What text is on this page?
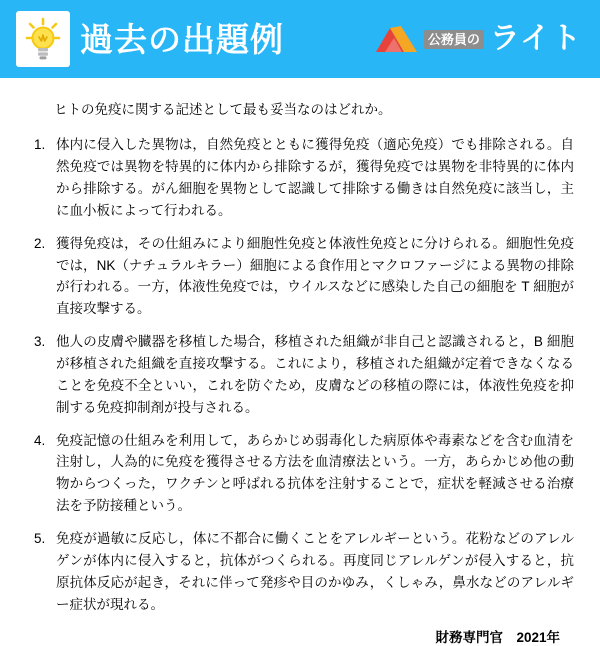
過去の出題例	公務員の ライト

ヒトの免疫に関する記述として最も妥当なのはどれか。

1. 体内に侵入した異物は，自然免疫とともに獲得免疫（適応免疫）でも排除される。自然免疫では異物を特異的に体内から排除するが，獲得免疫では異物を非特異的に体内から排除する。がん細胞を異物として認識して排除する働きは自然免疫に該当し，主に血小板によって行われる。
2. 獲得免疫は，その仕組みにより細胞性免疫と体液性免疫とに分けられる。細胞性免疫では，NK（ナチュラルキラー）細胞による食作用とマクロファージによる異物の排除が行われる。一方，体液性免疫では，ウイルスなどに感染した自己の細胞を T 細胞が直接攻撃する。
3. 他人の皮膚や臓器を移植した場合，移植された組織が非自己と認識されると，B 細胞が移植された組織を直接攻撃する。これにより，移植された組織が定着できなくなることを免疫不全といい，これを防ぐため，皮膚などの移植の際には，体液性免疫を抑制する免疫抑制剤が投与される。
4. 免疫記憶の仕組みを利用して，あらかじめ弱毒化した病原体や毒素などを含む血清を注射し，人為的に免疫を獲得させる方法を血清療法という。一方，あらかじめ他の動物からつくった，ワクチンと呼ばれる抗体を注射することで，症状を軽減させる治療法を予防接種という。
5. 免疫が過敏に反応し，体に不都合に働くことをアレルギーという。花粉などのアレルゲンが体内に侵入すると，抗体がつくられる。再度同じアレルゲンが侵入すると，抗原抗体反応が起き，それに伴って発疹や目のかゆみ，くしゃみ，鼻水などのアレルギー症状が現れる。
財務専門官　2021年
